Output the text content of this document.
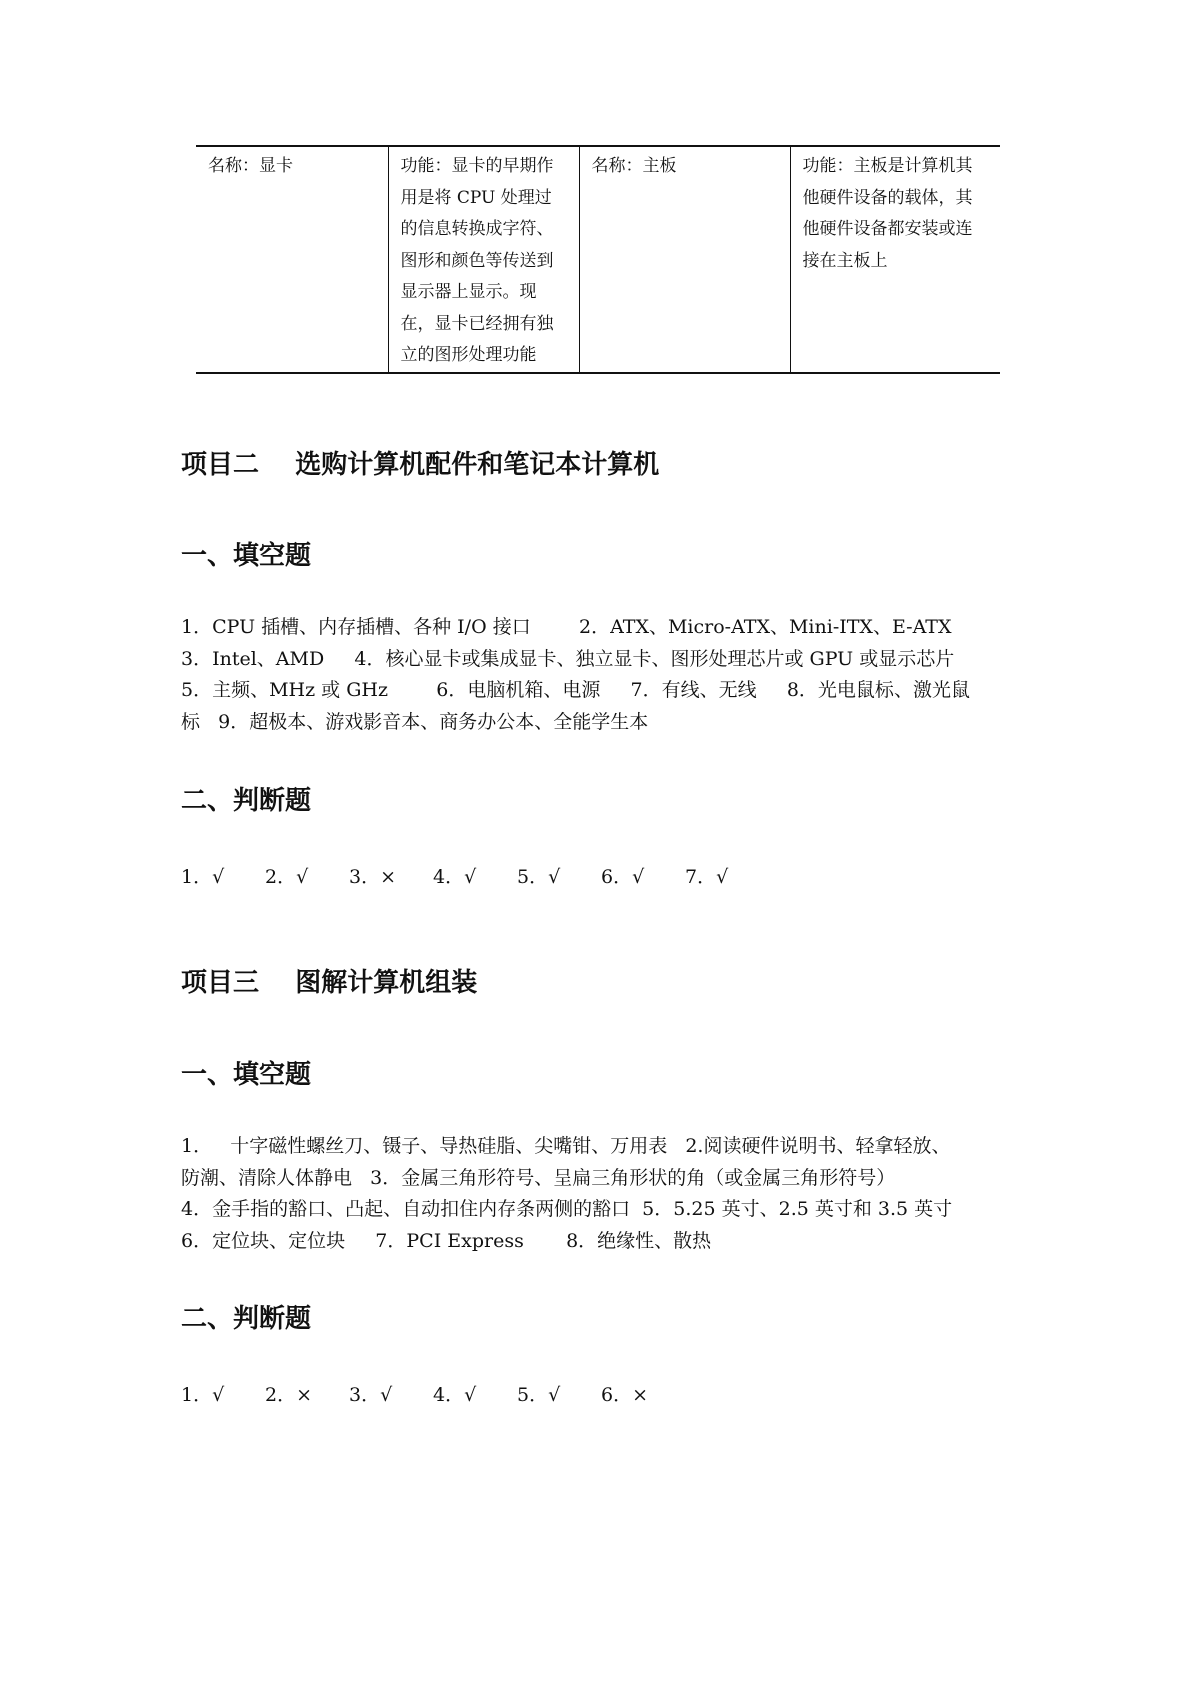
名称：显卡	功能：显卡的早期作用是将 CPU 处理过的信息转换成字符、图形和颜色等传送到显示器上显示。现在，显卡已经拥有独立的图形处理功能	名称：主板	功能：主板是计算机其他硬件设备的载体，其他硬件设备都安装或连接在主板上
项目二    选购计算机配件和笔记本计算机
一、填空题
1．CPU 插槽、内存插槽、各种 I/O 接口        2．ATX、Micro-ATX、Mini-ITX、E-ATX
3．Intel、AMD     4．核心显卡或集成显卡、独立显卡、图形处理芯片或 GPU 或显示芯片
5．主频、MHz 或 GHz        6．电脑机箱、电源     7．有线、无线     8．光电鼠标、激光鼠
标   9．超极本、游戏影音本、商务办公本、全能学生本
二、判断题
1．√	2．√	3．×	4．√	5．√	6．√	7．√
项目三    图解计算机组装
一、填空题
1．   十字磁性螺丝刀、镊子、导热硅脂、尖嘴钳、万用表   2.阅读硬件说明书、轻拿轻放、
防潮、清除人体静电   3．金属三角形符号、呈扁三角形状的角（或金属三角形符号）
4．金手指的豁口、凸起、自动扣住内存条两侧的豁口  5．5.25 英寸、2.5 英寸和 3.5 英寸
6．定位块、定位块     7．PCI Express       8．绝缘性、散热
二、判断题
1．√	2．×	3．√	4．√	5．√	6．×
